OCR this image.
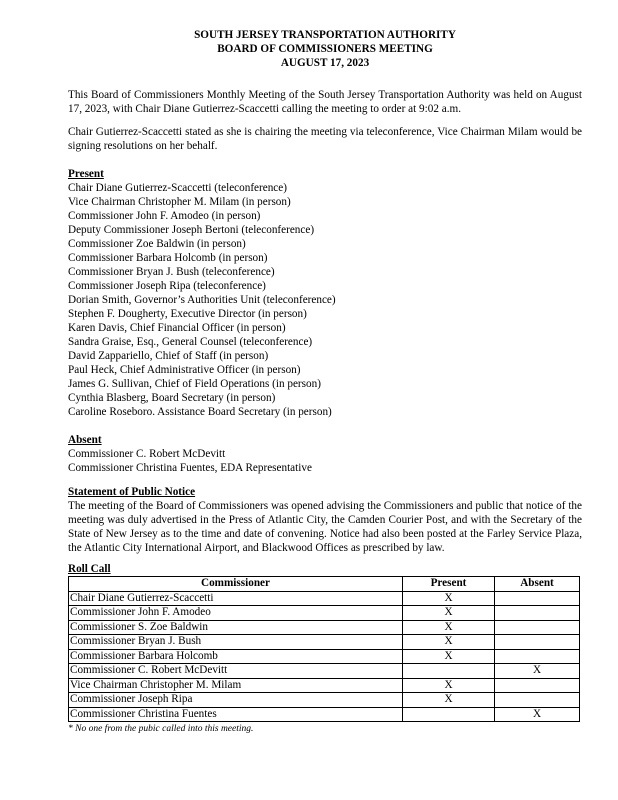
SOUTH JERSEY TRANSPORTATION AUTHORITY
BOARD OF COMMISSIONERS MEETING
AUGUST 17, 2023

This Board of Commissioners Monthly Meeting of the South Jersey Transportation Authority was held on August 17, 2023, with Chair Diane Gutierrez-Scaccetti calling the meeting to order at 9:02 a.m.

Chair Gutierrez-Scaccetti stated as she is chairing the meeting via teleconference, Vice Chairman Milam would be signing resolutions on her behalf.

Present
Chair Diane Gutierrez-Scaccetti (teleconference)
Vice Chairman Christopher M. Milam (in person)
Commissioner John F. Amodeo (in person)
Deputy Commissioner Joseph Bertoni (teleconference)
Commissioner Zoe Baldwin (in person)
Commissioner Barbara Holcomb (in person)
Commissioner Bryan J. Bush (teleconference)
Commissioner Joseph Ripa (teleconference)
Dorian Smith, Governor’s Authorities Unit (teleconference)
Stephen F. Dougherty, Executive Director (in person)
Karen Davis, Chief Financial Officer (in person)
Sandra Graise, Esq., General Counsel (teleconference)
David Zappariello, Chief of Staff (in person)
Paul Heck, Chief Administrative Officer (in person)
James G. Sullivan, Chief of Field Operations (in person)
Cynthia Blasberg, Board Secretary (in person)
Caroline Roseboro. Assistance Board Secretary (in person)
Absent
Commissioner C. Robert McDevitt
Commissioner Christina Fuentes, EDA Representative
Statement of Public Notice

The meeting of the Board of Commissioners was opened advising the Commissioners and public that notice of the meeting was duly advertised in the Press of Atlantic City, the Camden Courier Post, and with the Secretary of the State of New Jersey as to the time and date of convening. Notice had also been posted at the Farley Service Plaza, the Atlantic City International Airport, and Blackwood Offices as prescribed by law.

Roll Call
Commissioner	Present	Absent
Chair Diane Gutierrez-Scaccetti	X	
Commissioner John F. Amodeo	X	
Commissioner S. Zoe Baldwin	X	
Commissioner Bryan J. Bush	X	
Commissioner Barbara Holcomb	X	
Commissioner C. Robert McDevitt		X
Vice Chairman Christopher M. Milam	X	
Commissioner Joseph Ripa	X	
Commissioner Christina Fuentes		X
* No one from the pubic called into this meeting.
